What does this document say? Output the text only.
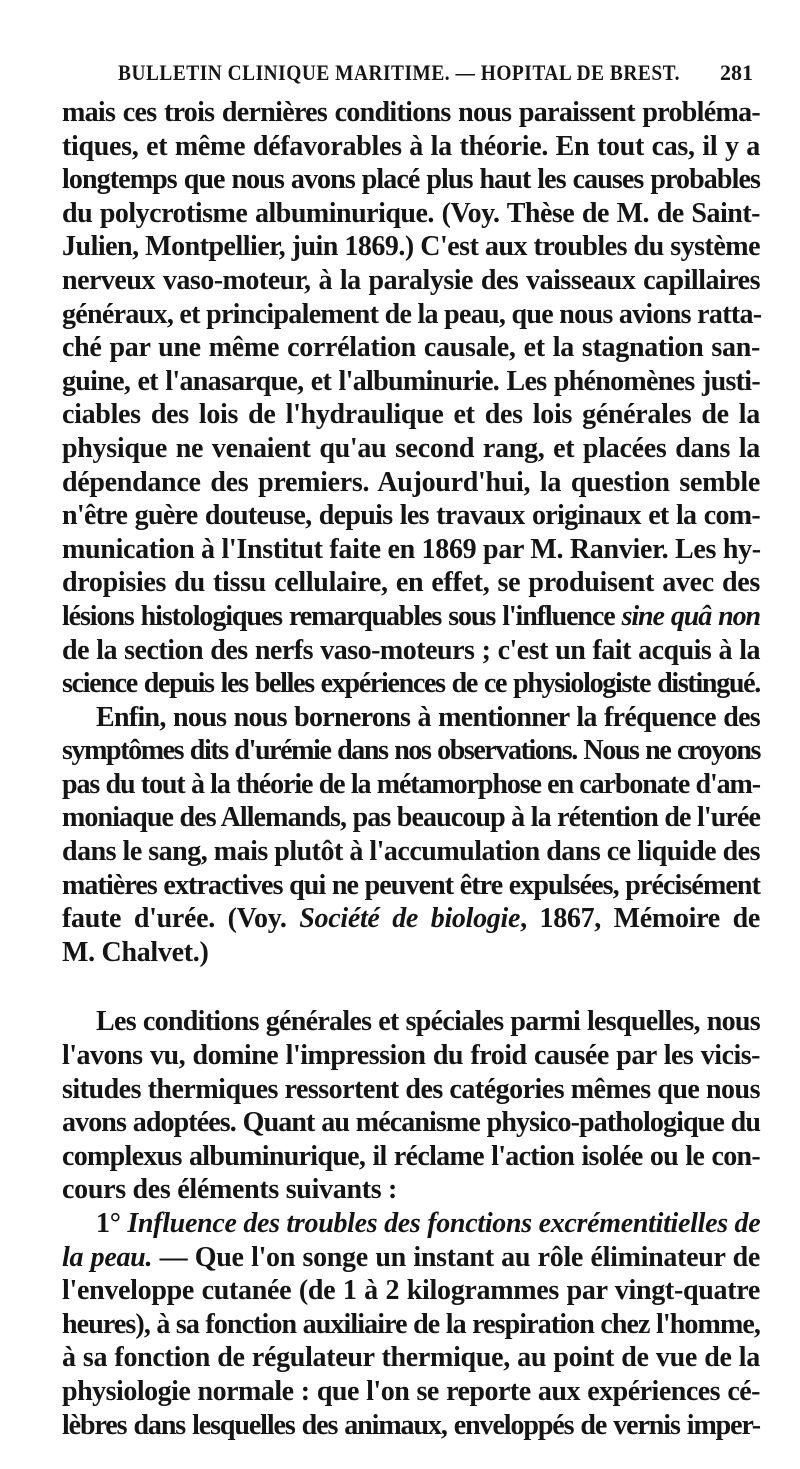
BULLETIN CLINIQUE MARITIME. — HOPITAL DE BREST. 281
mais ces trois dernières conditions nous paraissent probléma-
tiques, et même défavorables à la théorie. En tout cas, il y a
longtemps que nous avons placé plus haut les causes probables
du polycrotisme albuminurique. (Voy. Thèse de M. de Saint-
Julien, Montpellier, juin 1869.) C'est aux troubles du système
nerveux vaso-moteur, à la paralysie des vaisseaux capillaires
généraux, et principalement de la peau, que nous avions ratta-
ché par une même corrélation causale, et la stagnation san-
guine, et l'anasarque, et l'albuminurie. Les phénomènes justi-
ciables des lois de l'hydraulique et des lois générales de la
physique ne venaient qu'au second rang, et placées dans la
dépendance des premiers. Aujourd'hui, la question semble
n'être guère douteuse, depuis les travaux originaux et la com-
munication à l'Institut faite en 1869 par M. Ranvier. Les hy-
dropisies du tissu cellulaire, en effet, se produisent avec des
lésions histologiques remarquables sous l'influence sine quâ non
de la section des nerfs vaso-moteurs ; c'est un fait acquis à la
science depuis les belles expériences de ce physiologiste distingué.
Enfin, nous nous bornerons à mentionner la fréquence des
symptômes dits d'urémie dans nos observations. Nous ne croyons
pas du tout à la théorie de la métamorphose en carbonate d'am-
moniaque des Allemands, pas beaucoup à la rétention de l'urée
dans le sang, mais plutôt à l'accumulation dans ce liquide des
matières extractives qui ne peuvent être expulsées, précisément
faute d'urée. (Voy. Société de biologie, 1867, Mémoire de
M. Chalvet.)
Les conditions générales et spéciales parmi lesquelles, nous
l'avons vu, domine l'impression du froid causée par les vicis-
situdes thermiques ressortent des catégories mêmes que nous
avons adoptées. Quant au mécanisme physico-pathologique du
complexus albuminurique, il réclame l'action isolée ou le con-
cours des éléments suivants :
1° Influence des troubles des fonctions excrémentitielles de
la peau. — Que l'on songe un instant au rôle éliminateur de
l'enveloppe cutanée (de 1 à 2 kilogrammes par vingt-quatre
heures), à sa fonction auxiliaire de la respiration chez l'homme,
à sa fonction de régulateur thermique, au point de vue de la
physiologie normale : que l'on se reporte aux expériences cé-
lèbres dans lesquelles des animaux, enveloppés de vernis imper-
